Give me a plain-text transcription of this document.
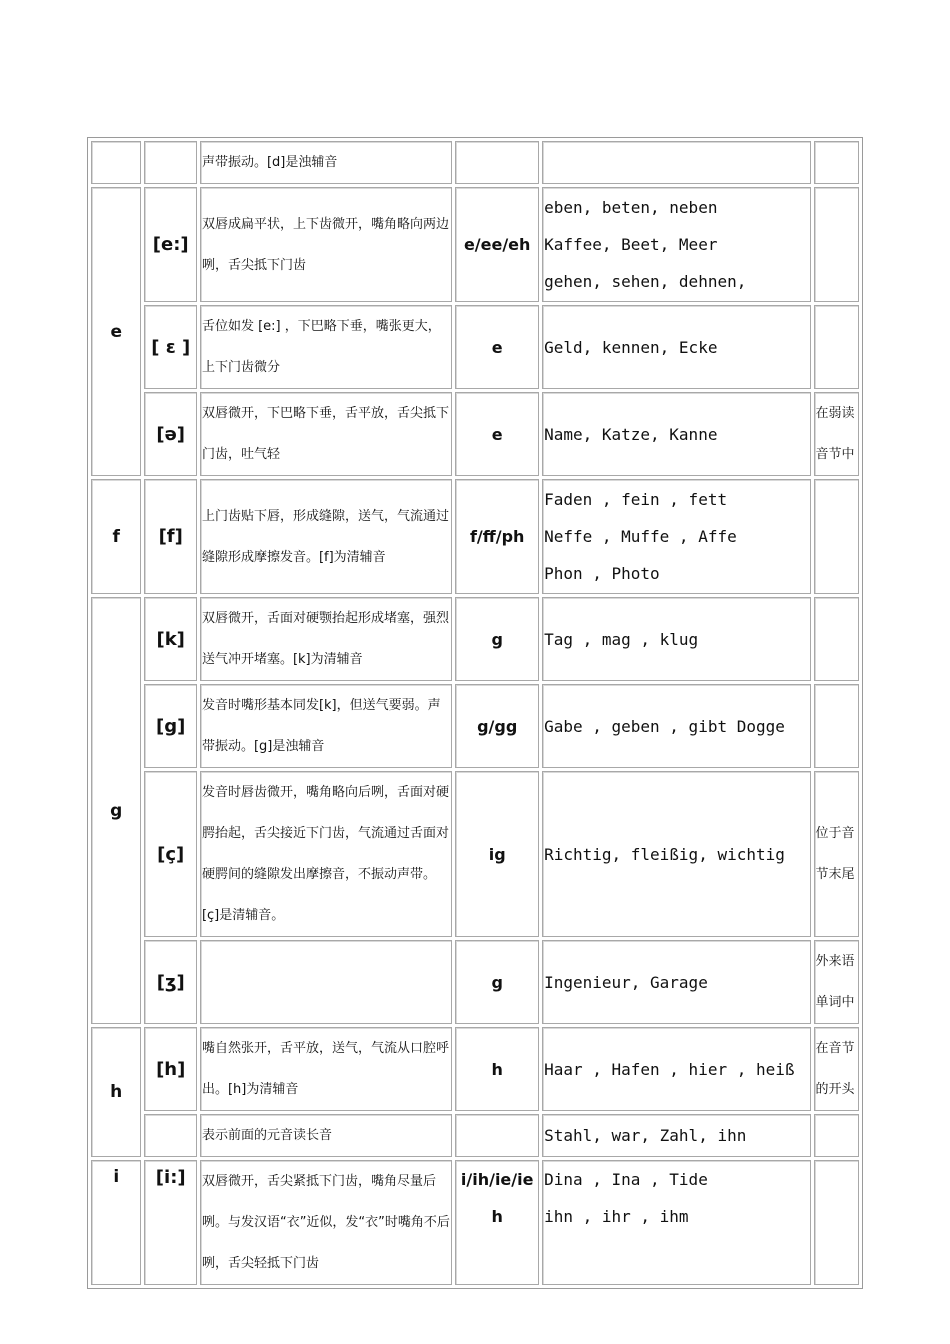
		声带振动。[d]是浊辅音			
e	[e:]	双唇成扁平状，上下齿微开，嘴角略向两边咧，舌尖抵下门齿	e/ee/eh	eben, beten, neben
Kaffee, Beet, Meer
gehen, sehen, dehnen,	

	[ ε ]	舌位如发 [e:] ，下巴略下垂，嘴张更大，上下门齿微分	e	Geld, kennen, Ecke	

	[ə]	双唇微开，下巴略下垂，舌平放，舌尖抵下门齿，吐气轻	e	Name, Katze, Kanne	在弱读音节中
f	[f]	上门齿贴下唇，形成缝隙，送气，气流通过缝隙形成摩擦发音。[f]为清辅音	f/ff/ph	Faden , fein , fett
Neffe , Muffe , Affe
Phon , Photo	

g	[k]	双唇微开，舌面对硬颚抬起形成堵塞，强烈送气冲开堵塞。[k]为清辅音	g	Tag , mag , klug	

	[g]	发音时嘴形基本同发[k]，但送气要弱。声带振动。[g]是浊辅音	g/gg	Gabe , geben , gibt Dogge	

	[ç]	发音时唇齿微开，嘴角略向后咧，舌面对硬腭抬起，舌尖接近下门齿，气流通过舌面对硬腭间的缝隙发出摩擦音，不振动声带。[ç]是清辅音。	ig	Richtig, fleißig, wichtig	位于音节末尾
	[ʒ]		g	Ingenieur, Garage	外来语单词中
h	[h]	嘴自然张开，舌平放，送气，气流从口腔呼出。[h]为清辅音	h	Haar , Hafen , hier , heiß	在音节的开头
		表示前面的元音读长音		Stahl, war, Zahl, ihn	

i	[i:]	双唇微开，舌尖紧抵下门齿，嘴角尽量后咧。与发汉语“衣”近似，发“衣”时嘴角不后咧，舌尖轻抵下门齿	i/ih/ie/ieh	Dina , Ina , Tide
ihn , ihr , ihm	
